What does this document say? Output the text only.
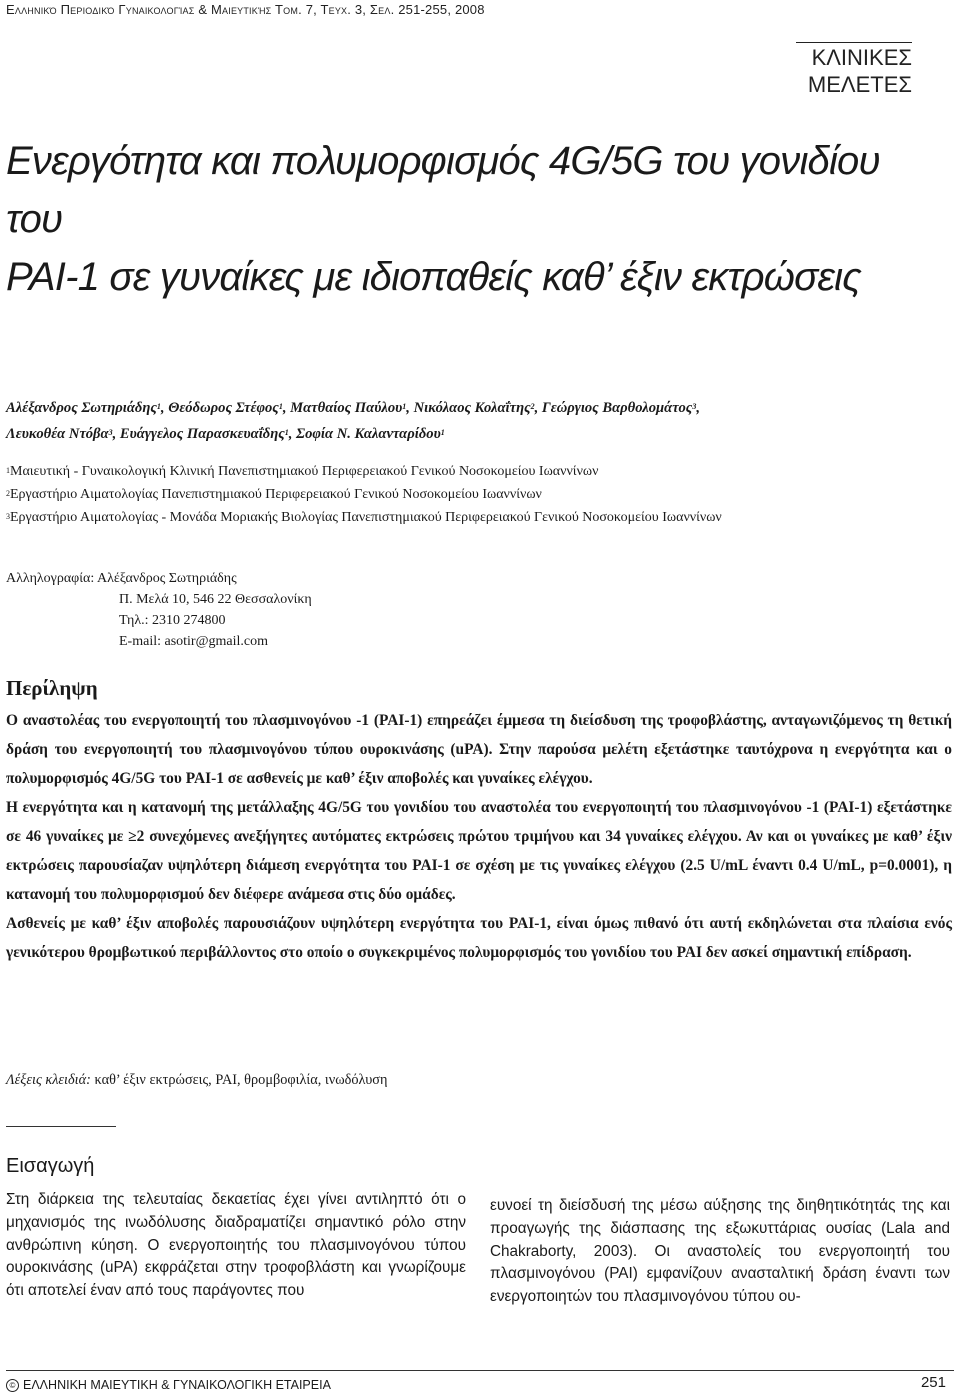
Ελληνικό Περιοδικό Γυναικολογίας & Μαιευτικής Τομ. 7, Τευχ. 3, Σελ. 251-255, 2008
ΚΛΙΝΙΚΕΣ
ΜΕΛΕΤΕΣ
Ενεργότητα και πολυμορφισμός 4G/5G του γονιδίου του
PAI-1 σε γυναίκες με ιδιοπαθείς καθ’ έξιν εκτρώσεις
Αλέξανδρος Σωτηριάδης$^1$, Θεόδωρος Στέφος$^1$, Ματθαίος Παύλου$^1$, Νικόλαος Κολαΐτης$^2$, Γεώργιος Βαρθολομάτος$^3$,
Λευκοθέα Ντόβα$^3$, Ευάγγελος Παρασκευαΐδης$^1$, Σοφία Ν. Καλανταρίδου$^1$
$^1$Μαιευτική - Γυναικολογική Κλινική Πανεπιστημιακού Περιφερειακού Γενικού Νοσοκομείου Ιωαννίνων
$^2$Εργαστήριο Αιματολογίας Πανεπιστημιακού Περιφερειακού Γενικού Νοσοκομείου Ιωαννίνων
$^3$Εργαστήριο Αιματολογίας - Μονάδα Μοριακής Βιολογίας Πανεπιστημιακού Περιφερειακού Γενικού Νοσοκομείου Ιωαννίνων
Αλληλογραφία: Αλέξανδρος Σωτηριάδης
Π. Μελά 10, 546 22 Θεσσαλονίκη
Τηλ.: 2310 274800
E-mail: asotir@gmail.com
Περίληψη

Ο αναστολέας του ενεργοποιητή του πλασμινογόνου -1 (PAI-1) επηρεάζει έμμεσα τη διείσδυση της τροφοβλάστης, ανταγωνιζόμενος τη θετική δράση του ενεργοποιητή του πλασμινογόνου τύπου ουροκινάσης (uPA). Στην παρούσα μελέτη εξετάστηκε ταυτόχρονα η ενεργότητα και ο πολυμορφισμός 4G/5G του PAI-1 σε ασθενείς με καθ’ έξιν αποβολές και γυναίκες ελέγχου.

Η ενεργότητα και η κατανομή της μετάλλαξης 4G/5G του γονιδίου του αναστολέα του ενεργοποιητή του πλασμινογόνου -1 (PAI-1) εξετάστηκε σε 46 γυναίκες με ≥2 συνεχόμενες ανεξήγητες αυτόματες εκτρώσεις πρώτου τριμήνου και 34 γυναίκες ελέγχου. Αν και οι γυναίκες με καθ’ έξιν εκτρώσεις παρουσίαζαν υψηλότερη διάμεση ενεργότητα του PAI-1 σε σχέση με τις γυναίκες ελέγχου (2.5 U/mL έναντι 0.4 U/mL, p=0.0001), η κατανομή του πολυμορφισμού δεν διέφερε ανάμεσα στις δύο ομάδες.

Ασθενείς με καθ’ έξιν αποβολές παρουσιάζουν υψηλότερη ενεργότητα του PAI-1, είναι όμως πιθανό ότι αυτή εκδηλώνεται στα πλαίσια ενός γενικότερου θρομβωτικού περιβάλλοντος στο οποίο ο συγκεκριμένος πολυμορφισμός του γονιδίου του PAI δεν ασκεί σημαντική επίδραση.

Λέξεις κλειδιά: καθ’ έξιν εκτρώσεις, PAI, θρομβοφιλία, ινωδόλυση
Εισαγωγή
Στη διάρκεια της τελευταίας δεκαετίας έχει γίνει αντιληπτό ότι ο μηχανισμός της ινωδόλυσης διαδραματίζει σημαντικό ρόλο στην ανθρώπινη κύηση. Ο ενεργοποιητής του πλασμινογόνου τύπου ουροκινάσης (uPA) εκφράζεται στην τροφοβλάστη και γνωρίζουμε ότι αποτελεί έναν από τους παράγοντες που
ευνοεί τη διείσδυσή της μέσω αύξησης της διηθητικότητάς της και προαγωγής της διάσπασης της εξωκυττάριας ουσίας (Lala and Chakraborty, 2003). Οι αναστολείς του ενεργοποιητή του πλασμινογόνου (PAI) εμφανίζουν ανασταλτική δράση έναντι των ενεργοποιητών του πλασμινογόνου τύπου ου-
© ΕΛΛΗΝΙΚΗ ΜΑΙΕΥΤΙΚΗ & ΓΥΝΑΙΚΟΛΟΓΙΚΗ ΕΤΑΙΡΕΙΑ	251
